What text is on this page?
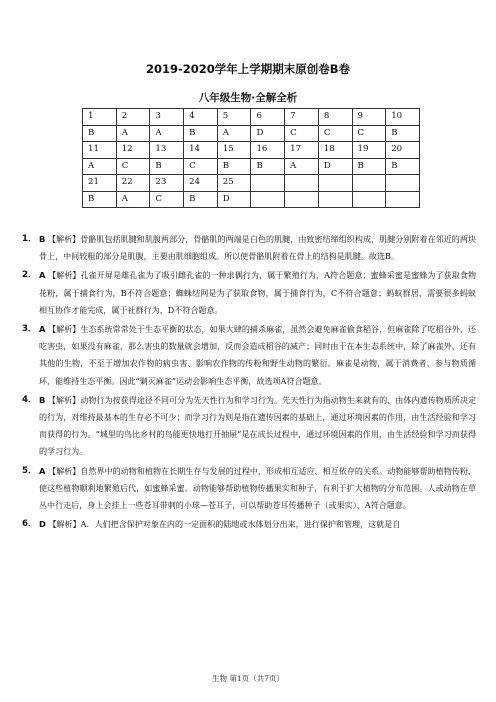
2019-2020学年上学期期末原创卷B卷
八年级生物·全解全析
1	2	3	4	5	6	7	8	9	10
B	A	A	B	A	D	C	C	C	B
11	12	13	14	15	16	17	18	19	20
A	C	B	C	B	B	A	D	B	B
21	22	23	24	25					
B	A	C	B	D					
1． B 【解析】骨骼肌包括肌腱和肌腹两部分，骨骼肌的两端是白色的肌腱，由致密结缔组织构成，肌腱分别附着在邻近的两块骨上，中间较粗的部分是肌腹，主要由肌细胞组成。所以使骨骼肌附着在骨上的结构是肌腱。故选B。
2． A 【解析】孔雀开屏是雄孔雀为了吸引雌孔雀的一种求偶行为，属于繁殖行为，A符合题意；蜜蜂采蜜是蜜蜂为了获取食物花粉，属于捕食行为，B不符合题意；蜘蛛结网是为了获取食物，属于捕食行为，C不符合题意；蚂蚁群居，需要很多蚂蚁相互协作才能完成，属于社群行为，D不符合题意。
3． A 【解析】生态系统常常处于生态平衡的状态，如果大肆的捕杀麻雀，虽然会避免麻雀偷食稻谷，但麻雀除了吃稻谷外，还吃害虫，如果没有麻雀，那么害虫的数量就会增加，反而会造成稻谷的减产；同时由于在本生态系统中，除了麻雀外，还有其他的生物，不至于增加农作物的病虫害、影响农作物的传粉和野生动物的繁衍。麻雀是动物，属于消费者，参与物质循环，能维持生态平衡。因此“剿灭麻雀”运动会影响生态平衡，故选项A符合题意。
4． B 【解析】动物行为按获得途径不同可分为先天性行为和学习行为。先天性行为指动物生来就有的、由体内遗传物质所决定的行为，对维持最基本的生存必不可少；而学习行为则是指在遗传因素的基础上，通过环境因素的作用，由生活经验和学习而获得的行为。“城里的鸟比乡村的鸟能更快地打开抽屉”是在成长过程中，通过环境因素的作用，由生活经验和学习而获得的学习行为。
5． A 【解析】自然界中的动物和植物在长期生存与发展的过程中，形成相互适应、相互依存的关系。动物能够帮助植物传粉，使这些植物顺利地繁殖后代，如蜜蜂采蜜。动物能够帮助植物传播果实和种子，有利于扩大植物的分布范围。人或动物在草丛中行走后，身上会挂上一些苍耳带刺的小球—苍耳子，可以帮助苍耳传播种子（或果实），A符合题意。
6． D 【解析】A．人们把含保护对象在内的一定面积的陆地或水体划分出来，进行保护和管理，这就是自
生物 第1页（共7页）
